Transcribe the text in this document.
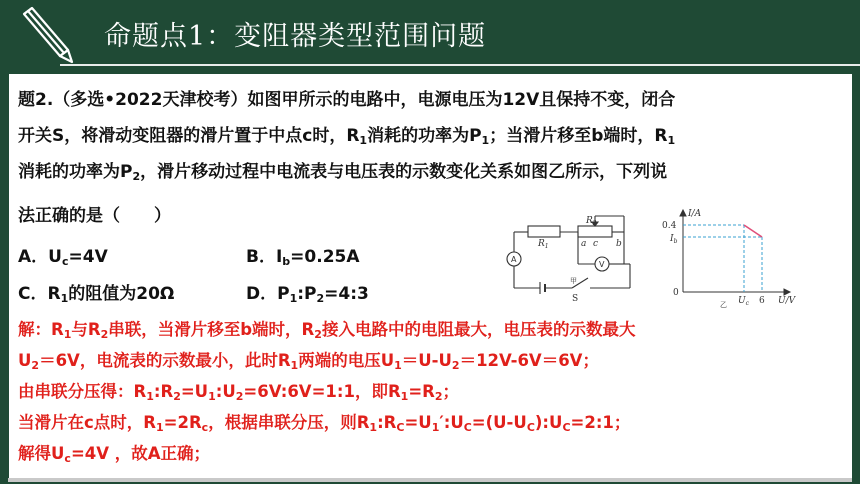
命题点1：变阻器类型范围问题
题2.（多选•2022天津校考）如图甲所示的电路中，电源电压为12V且保持不变，闭合
开关S，将滑动变阻器的滑片置于中点c时，$R_1$消耗的功率为$P_1$；当滑片移至b端时，$R_1$
消耗的功率为$P_2$，滑片移动过程中电流表与电压表的示数变化关系如图乙所示，下列说
法正确的是（　　）
A．$U_c=4V$	B．$I_b=0.25A$
C．$R_1$的阻值为20Ω	D．$P_1:P_2=4:3$
$R_1$
$R_2$
a c b
S
A
V
甲
I/A
0.4
$I_b$
0
$U_c$ 6 U/V
乙
解：$R_1$与$R_2$串联，当滑片移至b端时，$R_2$接入电路中的电阻最大，电压表的示数最大
$U_2=6V$，电流表的示数最小，此时$R_1$两端的电压$U_1=U-U_2=12V-6V=6V$；
由串联分压得：$R_1:R_2=U_1:U_2=6V:6V=1:1$，即$R_1=R_2$；
当滑片在c点时，$R_1=2R_c$，根据串联分压，则$R_1:R_C=U_1':U_C=(U-U_C):U_C=2:1$；
解得$U_c=4V$ ，故A正确；
